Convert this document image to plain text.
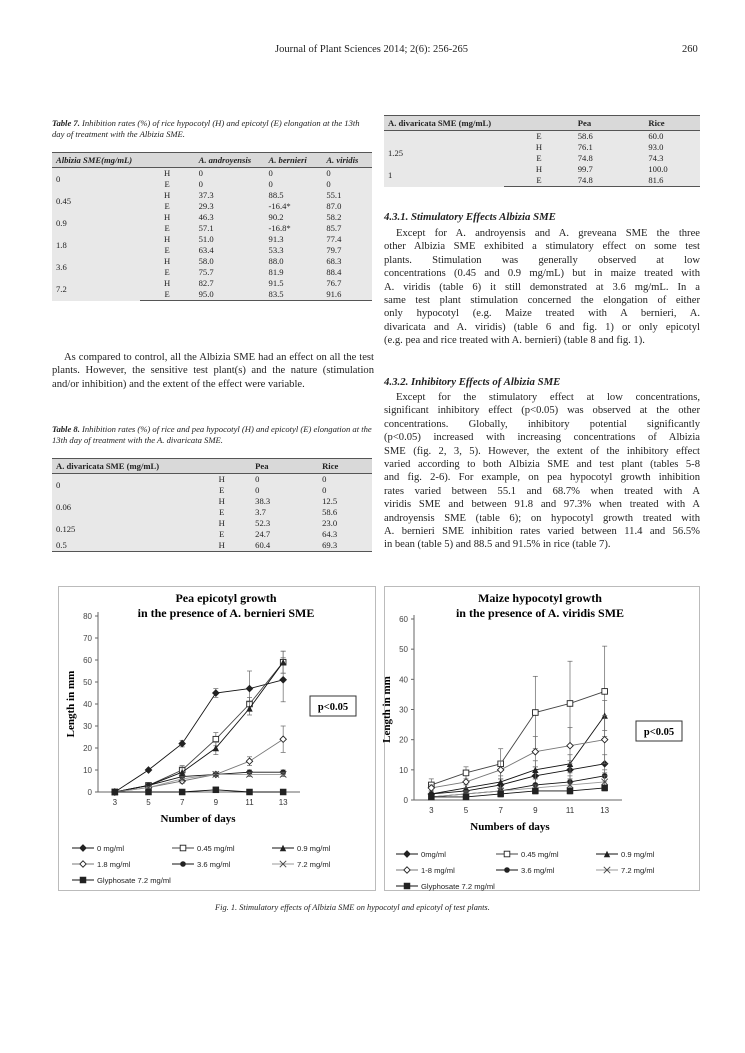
Journal of Plant Sciences 2014; 2(6): 256-265	260
Table 7. Inhibition rates (%) of rice hypocotyl (H) and epicotyl (E) elongation at the 13th day of treatment with the Albizia SME.
Albizia SME(mg/mL)		A. androyensis	A. bernieri	A. viridis
0	H	0	0	0
	E	0	0	0
0.45	H	37.3	88.5	55.1
	E	29.3	-16.4*	87.0
0.9	H	46.3	90.2	58.2
	E	57.1	-16.8*	85.7
1.8	H	51.0	91.3	77.4
	E	63.4	53.3	79.7
3.6	H	58.0	88.0	68.3
	E	75.7	81.9	88.4
7.2	H	82.7	91.5	76.7
	E	95.0	83.5	91.6
As compared to control, all the Albizia SME had an effect on all the test plants. However, the sensitive test plant(s) and the nature (stimulation and/or inhibition) and the extent of the effect were variable.
Table 8. Inhibition rates (%) of rice and pea hypocotyl (H) and epicotyl (E) elongation at the 13th day of treatment with the A. divaricata SME.
A. divaricata SME (mg/mL)		Pea	Rice
0	H	0	0
	E	0	0
0.06	H	38.3	12.5
	E	3.7	58.6
0.125	H	52.3	23.0
	E	24.7	64.3
0.5	H	60.4	69.3
A. divaricata SME (mg/mL)		Pea	Rice
	E	58.6	60.0
1.25	H	76.1	93.0
	E	74.8	74.3
1	H	99.7	100.0
	E	74.8	81.6
4.3.1. Stimulatory Effects Albizia SME
Except for A. androyensis and A. greveana SME the three
other Albizia SME exhibited a stimulatory effect on some test
plants. Stimulation was generally observed at low
concentrations (0.45 and 0.9 mg/mL) but in maize treated with
A. viridis (table 6) it still demonstrated at 3.6 mg/mL. In a
same test plant stimulation concerned the elongation of either
only hypocotyl (e.g. Maize treated with A bernieri, A.
divaricata and A. viridis) (table 6 and fig. 1) or only epicotyl
(e.g. pea and rice treated with A. bernieri) (table 8 and fig. 1).
4.3.2. Inhibitory Effects of Albizia SME
Except for the stimulatory effect at low concentrations,
significant inhibitory effect (p<0.05) was observed at the other
concentrations. Globally, inhibitory potential significantly
(p<0.05) increased with increasing concentrations of Albizia
SME (fig. 2, 3, 5). However, the extent of the inhibitory effect
varied according to both Albizia SME and test plant (tables 5-8
and fig. 2-6). For example, on pea hypocotyl growth inhibition
rates varied between 55.1 and 68.7% when treated with A
viridis SME and between 91.8 and 97.3% when treated with A
androyensis SME (table 6); on hypocotyl growth treated with
A. bernieri SME inhibition rates varied between 11.4 and 56.5%
in bean (table 5) and 88.5 and 91.5% in rice (table 7).
Pea epicotyl growth
in the presence of A. bernieri SME
0
10
20
30
40
50
60
70
80
3	5	7	9	11	13
Number of days
Length in mm	p<0.05
0 mg/ml	0.45 mg/ml	0.9 mg/ml
1.8 mg/ml	3.6 mg/ml	7.2 mg/ml
Glyphosate 7.2 mg/ml
Maize hypocotyl growth
in the presence of A. viridis SME
0
10
20
30
40
50
60
3	5	7	9	11	13
Numbers of days
Length in mm	p<0.05
0mg/ml	0.45 mg/ml	0.9 mg/ml
1-8 mg/ml	3.6 mg/ml	7.2 mg/ml
Glyphosate 7.2 mg/ml
Fig. 1. Stimulatory effects of Albizia SME on hypocotyl and epicotyl of test plants.
